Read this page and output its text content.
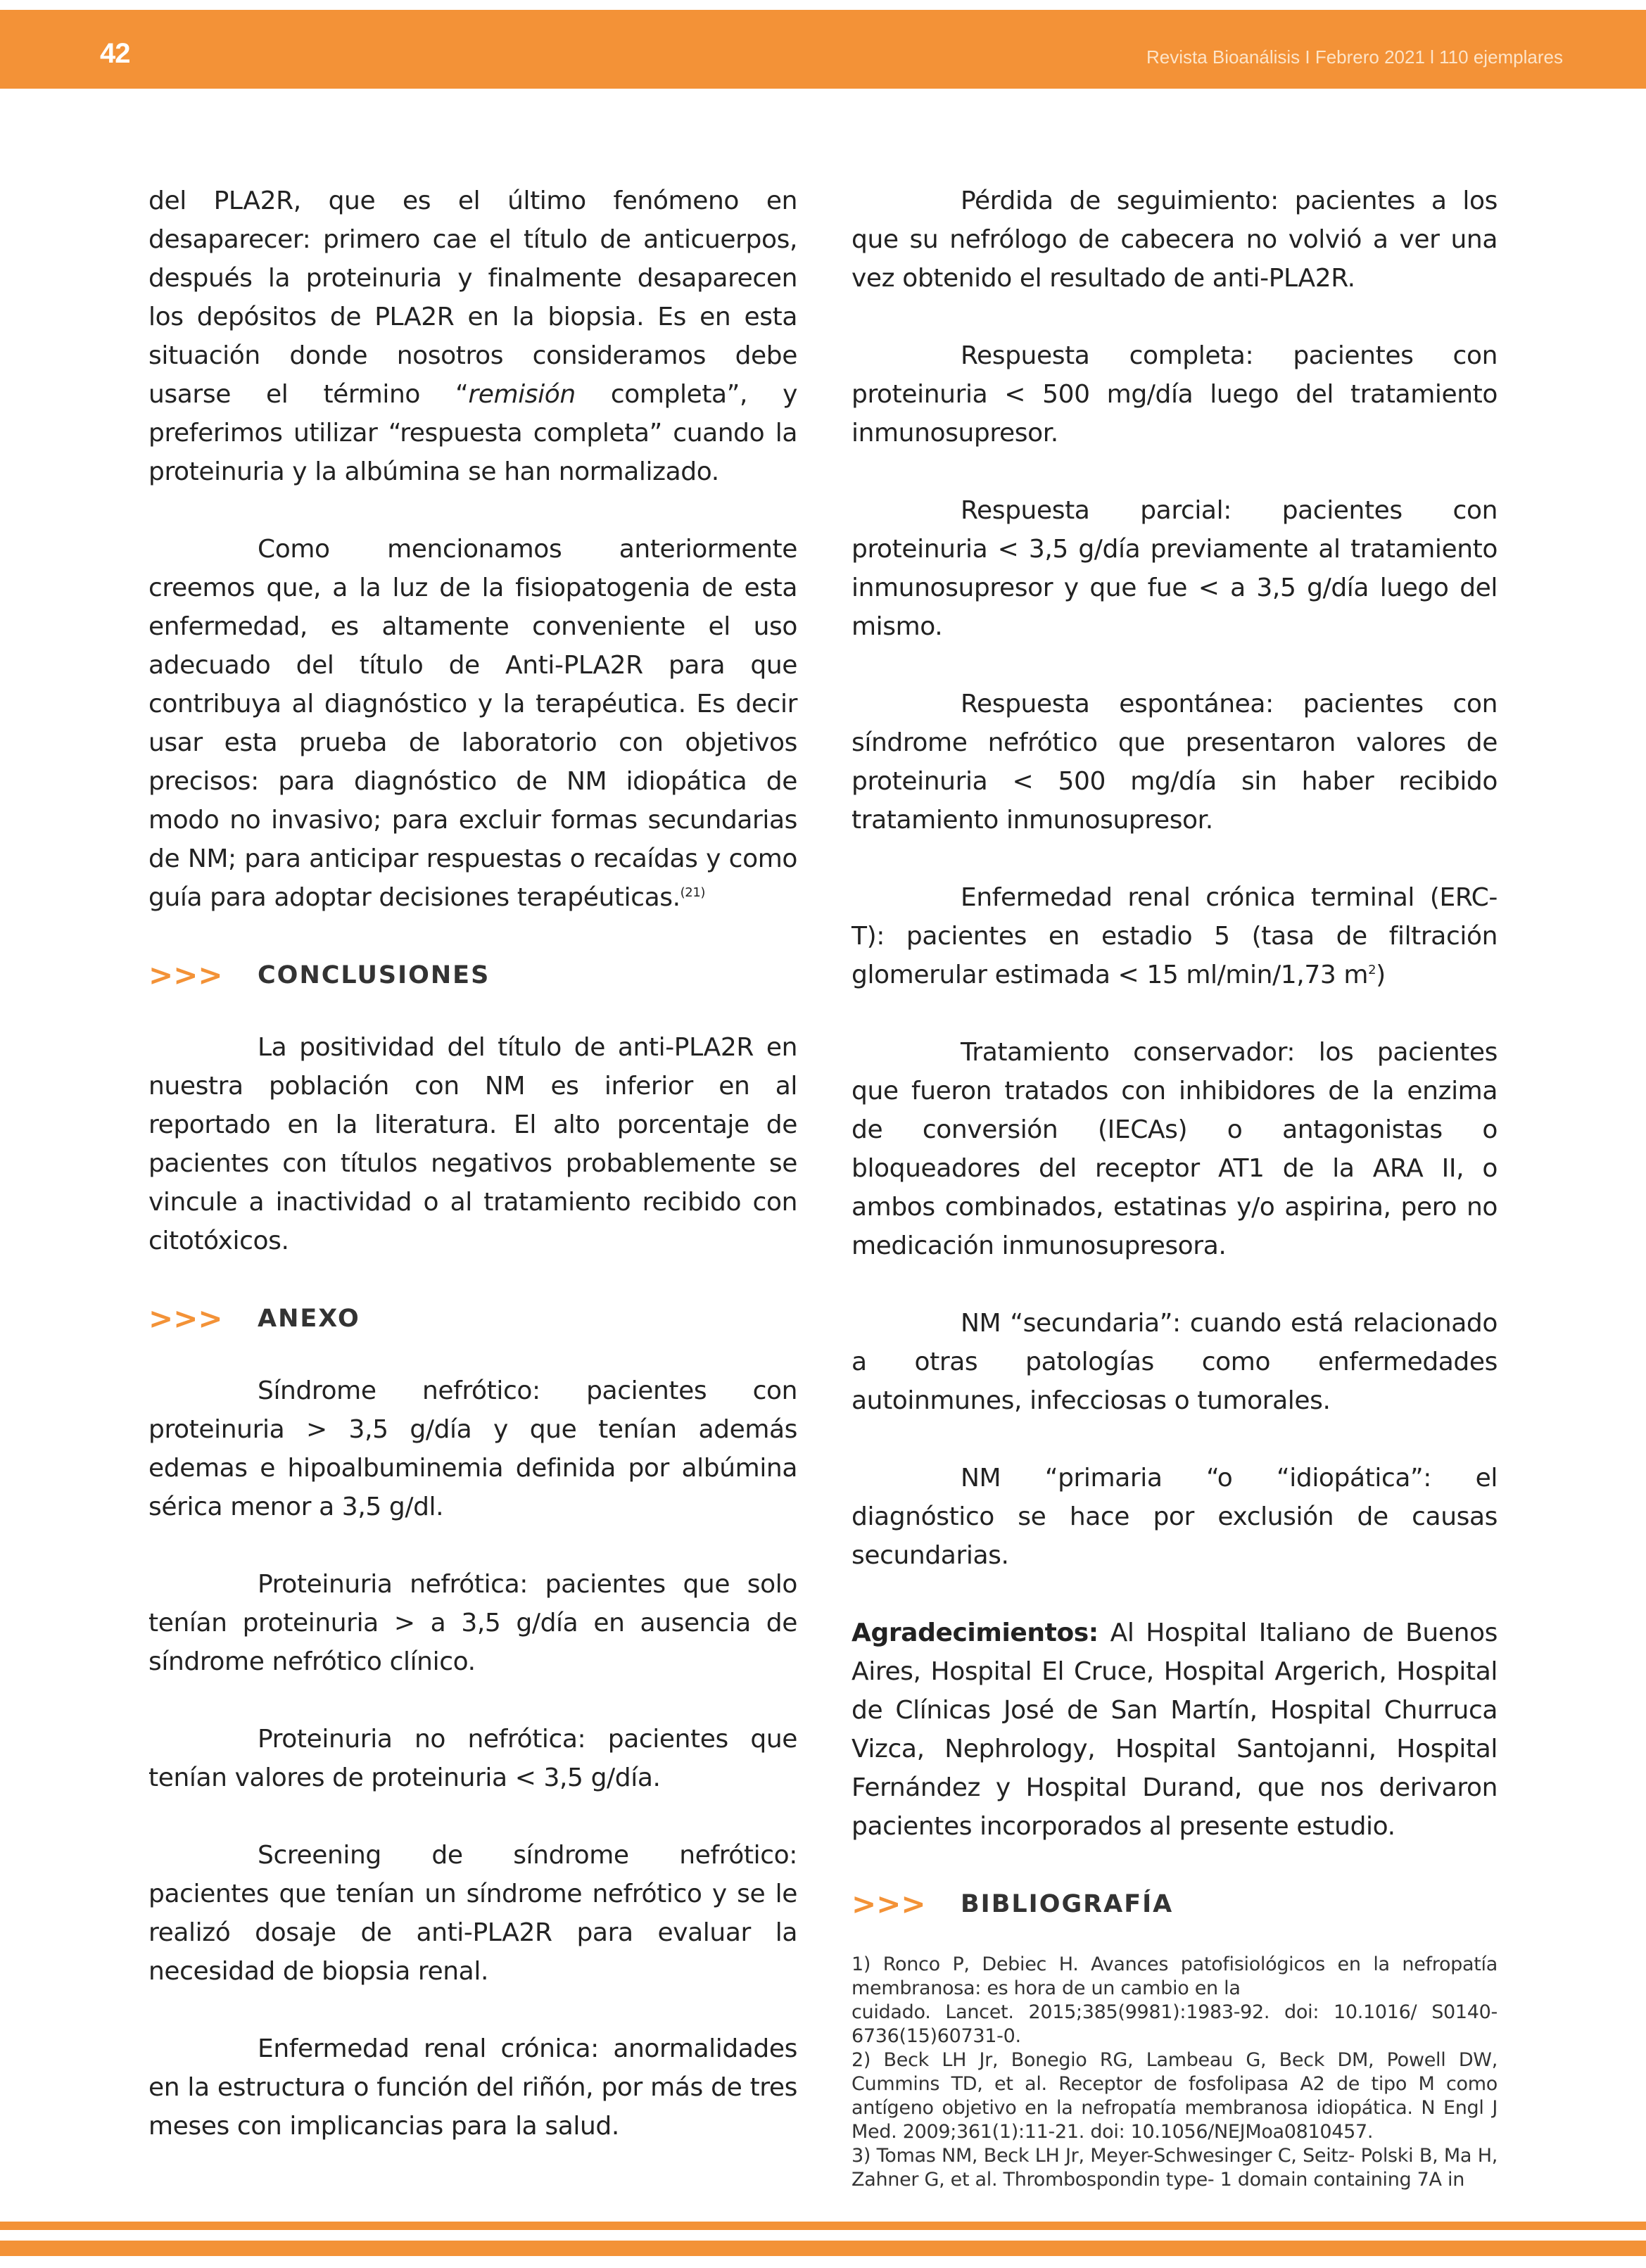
42	Revista Bioanálisis I Febrero 2021 l 110 ejemplares

del PLA2R, que es el último fenómeno en desaparecer: primero cae el título de anticuerpos, después la proteinuria y finalmente desaparecen los depósitos de PLA2R en la biopsia. Es en esta situación donde nosotros consideramos debe usarse el término “remisión completa”, y preferimos utilizar “respuesta completa” cuando la proteinuria y la albúmina se han normalizado.

Como mencionamos anteriormente creemos que, a la luz de la fisiopatogenia de esta enfermedad, es altamente conveniente el uso adecuado del título de Anti-PLA2R para que contribuya al diagnóstico y la terapéutica. Es decir usar esta prueba de laboratorio con objetivos precisos: para diagnóstico de NM idiopática de modo no invasivo; para excluir formas secundarias de NM; para anticipar respuestas o recaídas y como guía para adoptar decisiones terapéuticas.$^{(21)}$

>>>	CONCLUSIONES

La positividad del título de anti-PLA2R en nuestra población con NM es inferior en al reportado en la literatura. El alto porcentaje de pacientes con títulos negativos probablemente se vincule a inactividad o al tratamiento recibido con citotóxicos.

>>>	ANEXO

Síndrome nefrótico: pacientes con proteinuria > 3,5 g/día y que tenían además edemas e hipoalbuminemia definida por albúmina sérica menor a 3,5 g/dl.

Proteinuria nefrótica: pacientes que solo tenían proteinuria > a 3,5 g/día en ausencia de síndrome nefrótico clínico.

Proteinuria no nefrótica: pacientes que tenían valores de proteinuria < 3,5 g/día.

Screening de síndrome nefrótico: pacientes que tenían un síndrome nefrótico y se le realizó dosaje de anti-PLA2R para evaluar la necesidad de biopsia renal.

Enfermedad renal crónica: anormalidades en la estructura o función del riñón, por más de tres meses con implicancias para la salud.

Pérdida de seguimiento: pacientes a los que su nefrólogo de cabecera no volvió a ver una vez obtenido el resultado de anti-PLA2R.

Respuesta completa: pacientes con proteinuria < 500 mg/día luego del tratamiento inmunosupresor.

Respuesta parcial: pacientes con proteinuria < 3,5 g/día previamente al tratamiento inmunosupresor y que fue < a 3,5 g/día luego del mismo.

Respuesta espontánea: pacientes con síndrome nefrótico que presentaron valores de proteinuria < 500 mg/día sin haber recibido tratamiento inmunosupresor.

Enfermedad renal crónica terminal (ERC-T): pacientes en estadio 5 (tasa de filtración glomerular estimada < 15 ml/min/1,73 m$^2$)

Tratamiento conservador: los pacientes que fueron tratados con inhibidores de la enzima de conversión (IECAs) o antagonistas o bloqueadores del receptor AT1 de la ARA II, o ambos combinados, estatinas y/o aspirina, pero no medicación inmunosupresora.

NM “secundaria”: cuando está relacionado a otras patologías como enfermedades autoinmunes, infecciosas o tumorales.

NM “primaria “o “idiopática”: el diagnóstico se hace por exclusión de causas secundarias.

Agradecimientos: Al Hospital Italiano de Buenos Aires, Hospital El Cruce, Hospital Argerich, Hospital de Clínicas José de San Martín, Hospital Churruca Vizca, Nephrology, Hospital Santojanni, Hospital Fernández y Hospital Durand, que nos derivaron pacientes incorporados al presente estudio.

>>>	BIBLIOGRAFÍA

1) Ronco P, Debiec H. Avances patofisiológicos en la nefropatía membranosa: es hora de un cambio en la

cuidado. Lancet. 2015;385(9981):1983-92. doi: 10.1016/ S0140-6736(15)60731-0.

2) Beck LH Jr, Bonegio RG, Lambeau G, Beck DM, Powell DW, Cummins TD, et al. Receptor de fosfolipasa A2 de tipo M como antígeno objetivo en la nefropatía membranosa idiopática. N Engl J Med. 2009;361(1):11-21. doi: 10.1056/NEJMoa0810457.

3) Tomas NM, Beck LH Jr, Meyer-Schwesinger C, Seitz- Polski B, Ma H, Zahner G, et al. Thrombospondin type- 1 domain containing 7A in
